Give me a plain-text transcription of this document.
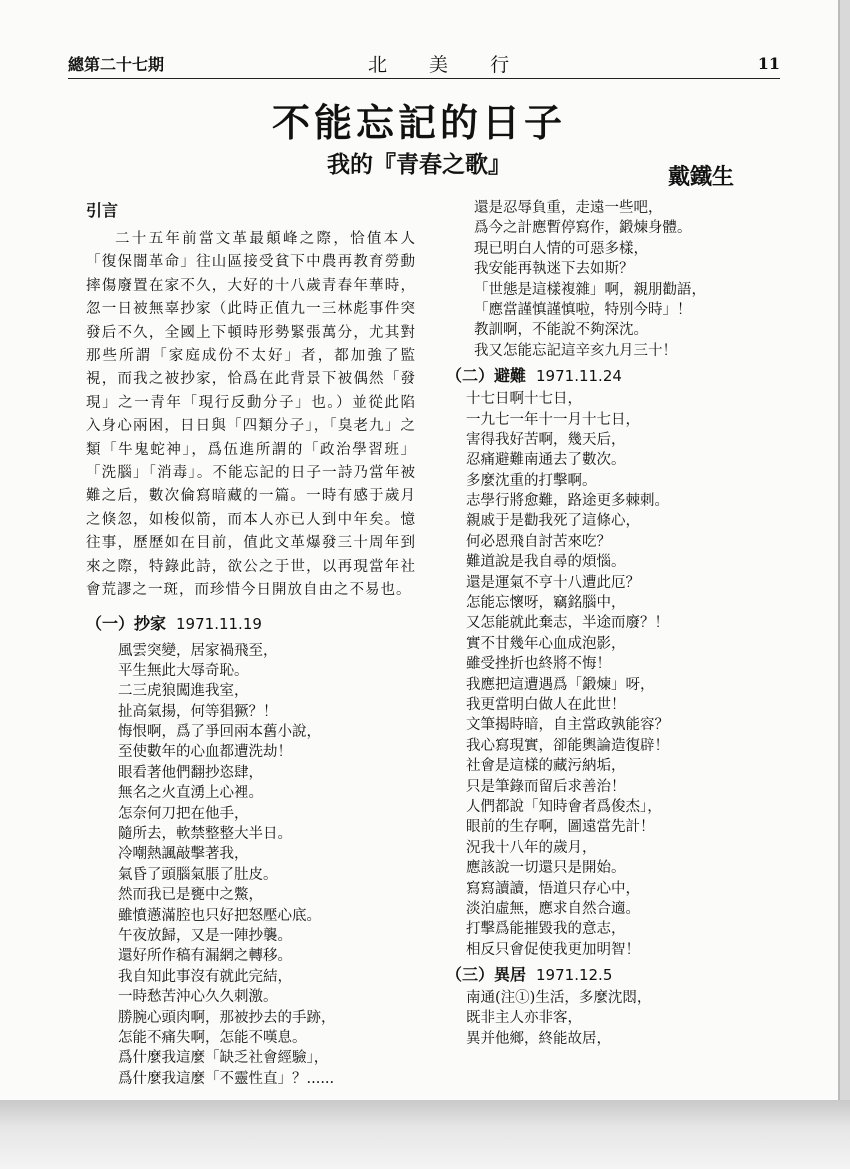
總第二十七期	北 美 行	11
不能忘記的日子
我的『青春之歌』	戴鐵生
引言
二十五年前當文革最顛峰之際，恰值本人「復保闇革命」往山區接受貧下中農再教育勞動摔傷廢置在家不久，大好的十八歲青春年華時，忽一日被無辜抄家（此時正值九一三林彪事件突發后不久，全國上下頓時形勢緊張萬分，尤其對那些所謂「家庭成份不太好」者，都加強了監視，而我之被抄家，恰爲在此背景下被偶然「發現」之一青年「現行反動分子」也。）並從此陷入身心兩困，日日與「四類分子」，「臭老九」之類「牛鬼蛇神」，爲伍進所謂的「政治學習班」「洗腦」「消毒」。不能忘記的日子一詩乃當年被難之后，數次倫寫暗藏的一篇。一時有感于歲月之倏忽，如梭似箭，而本人亦已人到中年矣。憶往事，歷歷如在目前，值此文革爆發三十周年到來之際，特錄此詩，欲公之于世，以再現當年社會荒謬之一斑，而珍惜今日開放自由之不易也。
（一）抄家 1971.11.19
風雲突變，居家禍飛至，
平生無此大辱奇恥。
二三虎狼闖進我室，
扯高氣揚，何等猖獗？！
悔恨啊，爲了爭回兩本舊小說，
至使數年的心血都遭洗劫！
眼看著他們翻抄恣肆，
無名之火直湧上心裡。
怎奈何刀把在他手，
隨所去，軟禁整整大半日。
冷嘲熱諷敲擊著我，
氣昏了頭腦氣脹了肚皮。
然而我已是甕中之鱉，
雖憤懣滿腔也只好把怒壓心底。
午夜放歸，又是一陣抄襲。
還好所作稿有漏網之轉移。
我自知此事沒有就此完結，
一時愁苦沖心久久刺激。
勝腕心頭肉啊，那被抄去的手跡，
怎能不痛失啊，怎能不嘆息。
爲什麼我這麼「缺乏社會經驗」，
爲什麼我這麼「不靈性直」？......
還是忍辱負重，走遠一些吧，
爲今之計應暫停寫作，鍛煉身體。
現已明白人情的可惡多樣，
我安能再執迷下去如斯？
「世態是這樣複雜」啊，親朋勸語，
「應當謹慎謹慎啦，特別今時」！
教訓啊，不能說不夠深沈。
我又怎能忘記這辛亥九月三十！
（二）避難 1971.11.24
十七日啊十七日，
一九七一年十一月十七日，
害得我好苦啊，幾天后，
忍痛避難南通去了數次。
多麼沈重的打擊啊。
志學行將愈難，路途更多棘刺。
親戚于是勸我死了這條心，
何必恩飛自討苦來吃？
難道說是我自尋的煩惱。
還是運氣不亨十八遭此厄？
怎能忘懷呀，竊銘腦中，
又怎能就此棄志，半途而廢？！
實不甘幾年心血成泡影，
雖受挫折也終將不悔！
我應把這遭遇爲「鍛煉」呀，
我更當明白做人在此世！
文筆揭時暗，自主當政孰能容？
我心寫現實，卻能輿論造復辟！
社會是這樣的藏污納垢，
只是筆錄而留后求善治！
人們都說「知時會者爲俊杰」，
眼前的生存啊，圖遠當先計！
況我十八年的歲月，
應該說一切還只是開始。
寫寫讀讀，悟道只存心中，
淡泊虛無，應求自然合適。
打擊爲能摧毀我的意志，
相反只會促使我更加明智！
（三）異居 1971.12.5
南通(注①)生活，多麼沈悶，
既非主人亦非客，
異并他鄉，終能故居，
